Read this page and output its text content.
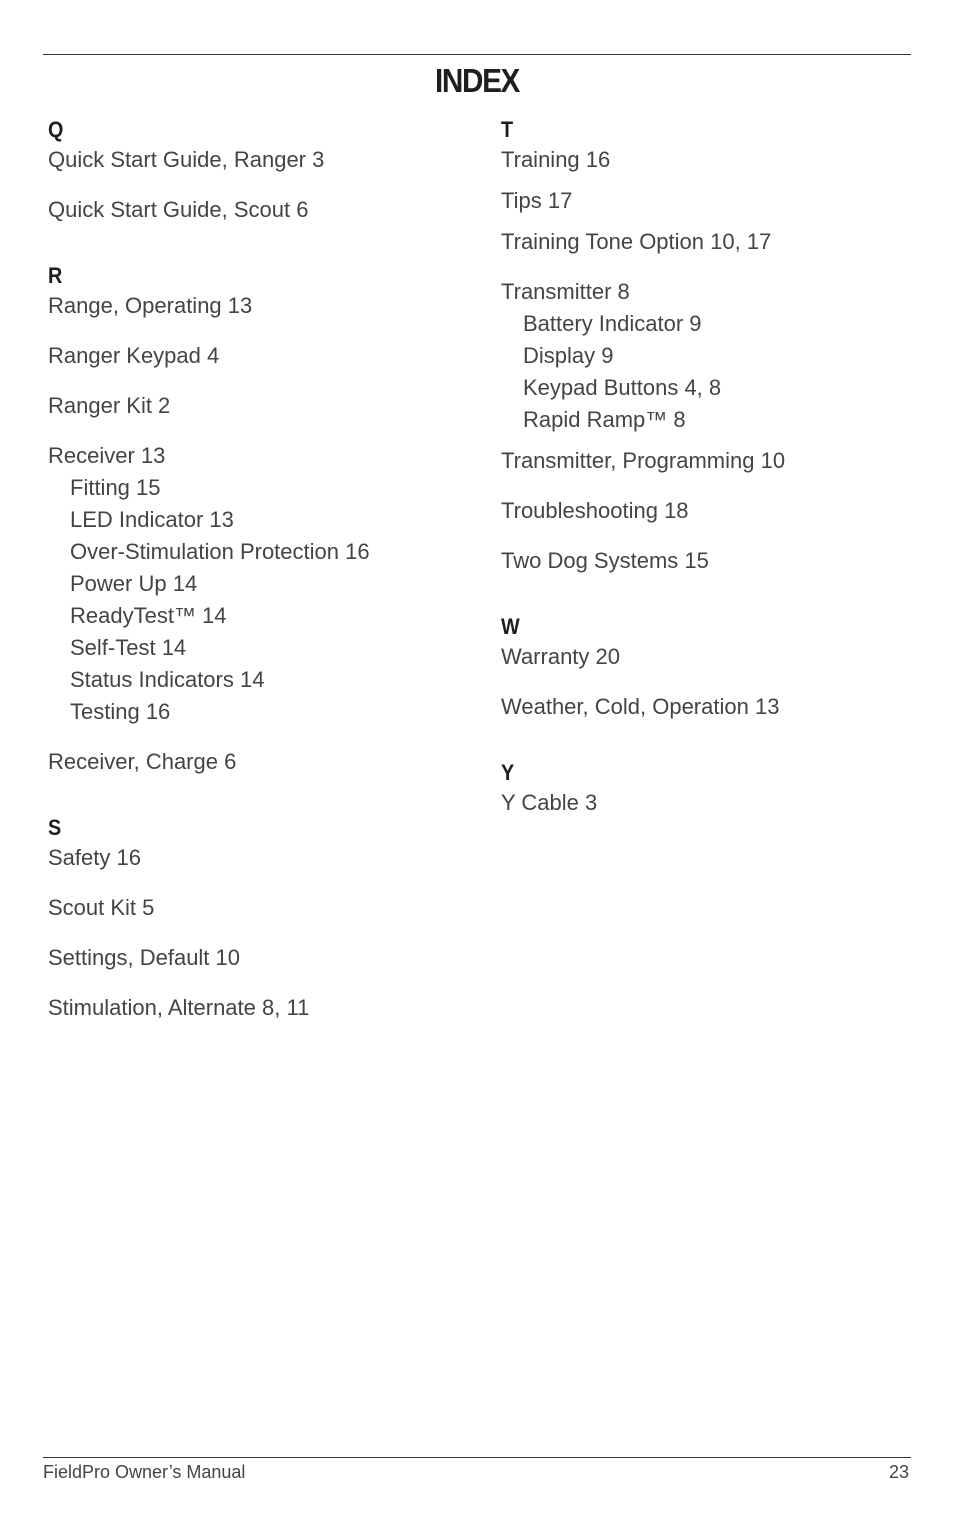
INDEX
Q
Quick Start Guide, Ranger 3
Quick Start Guide, Scout 6
R
Range, Operating 13
Ranger Keypad 4
Ranger Kit 2
Receiver 13
Fitting 15
LED Indicator 13
Over-Stimulation Protection 16
Power Up 14
ReadyTest™ 14
Self-Test 14
Status Indicators 14
Testing 16
Receiver, Charge 6
S
Safety 16
Scout Kit 5
Settings, Default 10
Stimulation, Alternate 8, 11
T
Training 16
Tips 17
Training Tone Option 10, 17
Transmitter 8
Battery Indicator 9
Display 9
Keypad Buttons 4, 8
Rapid Ramp™ 8
Transmitter, Programming 10
Troubleshooting 18
Two Dog Systems 15
W
Warranty 20
Weather, Cold, Operation 13
Y
Y Cable 3
FieldPro Owner’s Manual	23
